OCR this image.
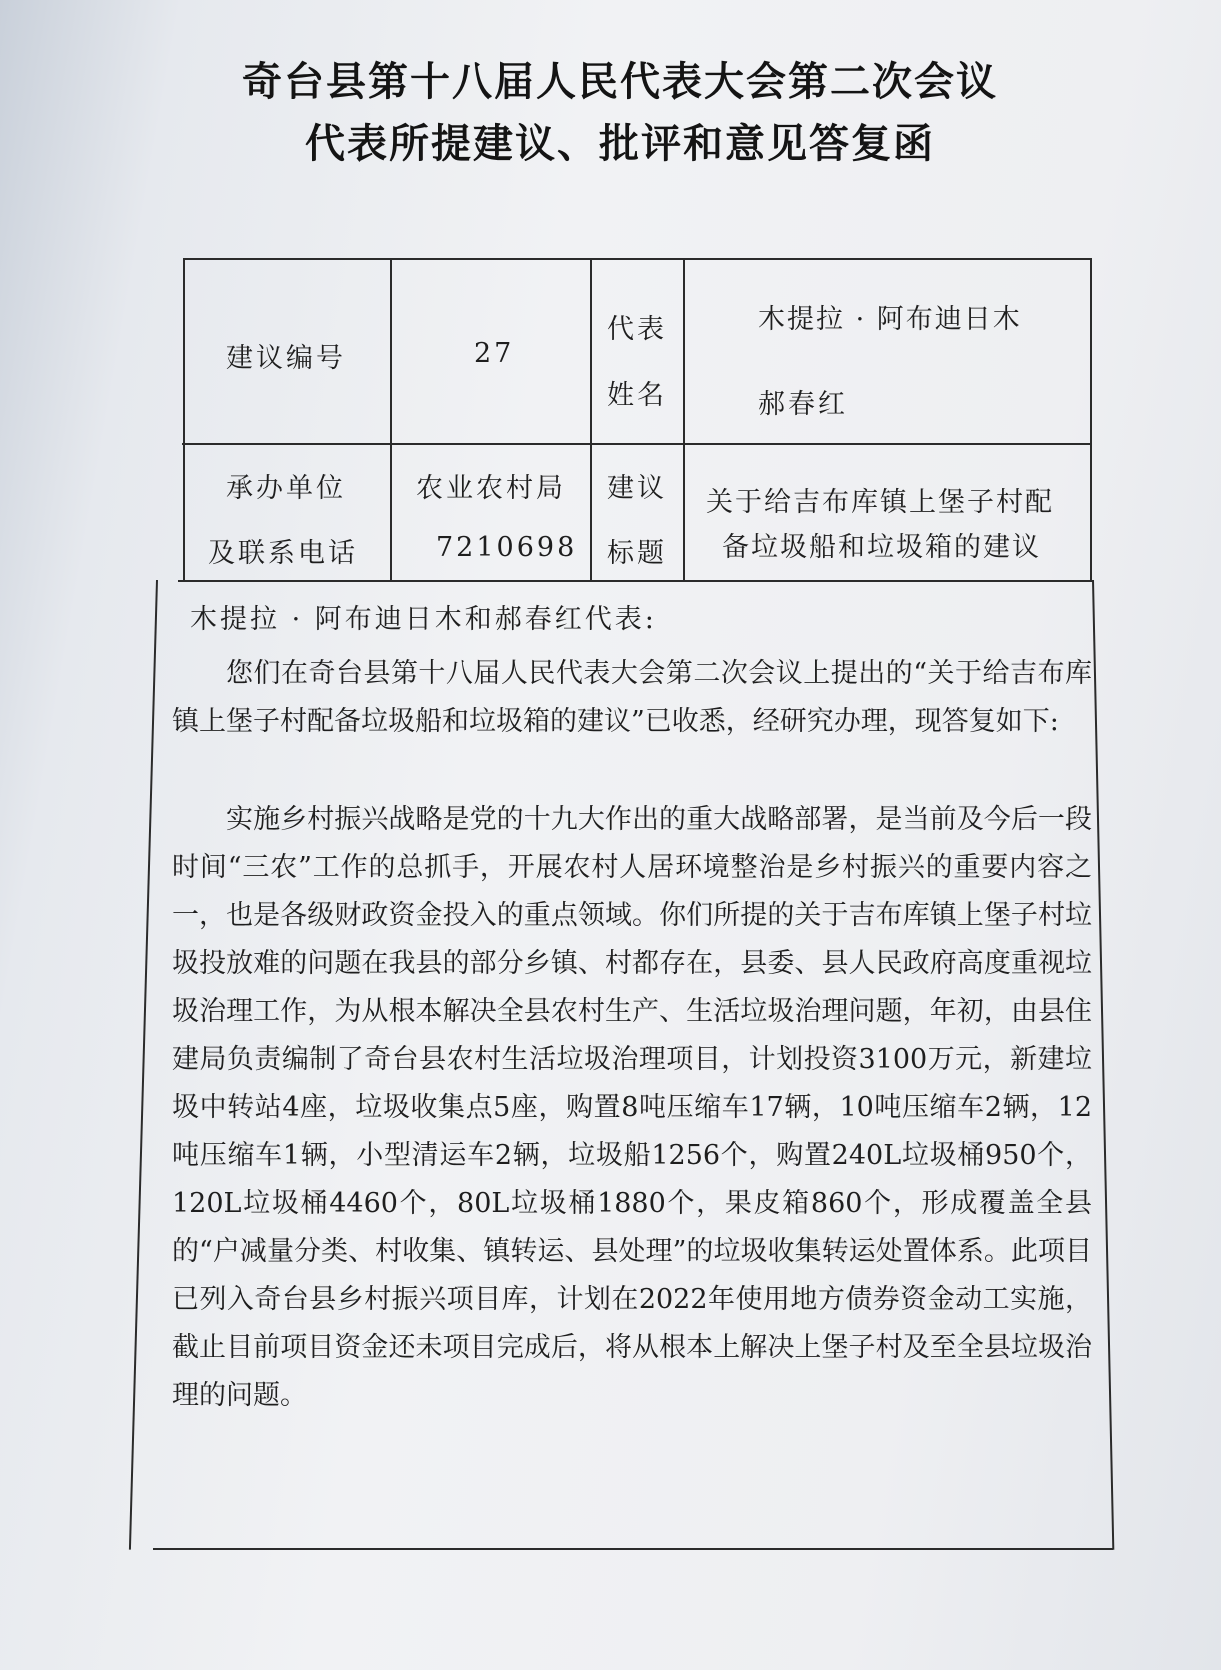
奇台县第十八届人民代表大会第二次会议
代表所提建议、批评和意见答复函
建议编号	27
代表
姓名
木提拉 · 阿布迪日木
郝春红
承办单位
及联系电话
农业农村局
7210698
建议
标题
关于给吉布库镇上堡子村配
备垃圾船和垃圾箱的建议
木提拉 · 阿布迪日木和郝春红代表:

您们在奇台县第十八届人民代表大会第二次会议上提出的“关于给吉布库镇上堡子村配备垃圾船和垃圾箱的建议”已收悉，经研究办理，现答复如下:

实施乡村振兴战略是党的十九大作出的重大战略部署，是当前及今后一段时间“三农”工作的总抓手，开展农村人居环境整治是乡村振兴的重要内容之一，也是各级财政资金投入的重点领域。你们所提的关于吉布库镇上堡子村垃圾投放难的问题在我县的部分乡镇、村都存在，县委、县人民政府高度重视垃圾治理工作，为从根本解决全县农村生产、生活垃圾治理问题，年初，由县住建局负责编制了奇台县农村生活垃圾治理项目，计划投资3100万元，新建垃圾中转站4座，垃圾收集点5座，购置8吨压缩车17辆，10吨压缩车2辆，12吨压缩车1辆，小型清运车2辆，垃圾船1256个，购置240L垃圾桶950个，120L垃圾桶4460个，80L垃圾桶1880个，果皮箱860个，形成覆盖全县的“户减量分类、村收集、镇转运、县处理”的垃圾收集转运处置体系。此项目已列入奇台县乡村振兴项目库，计划在2022年使用地方债券资金动工实施，截止目前项目资金还未项目完成后，将从根本上解决上堡子村及至全县垃圾治理的问题。
